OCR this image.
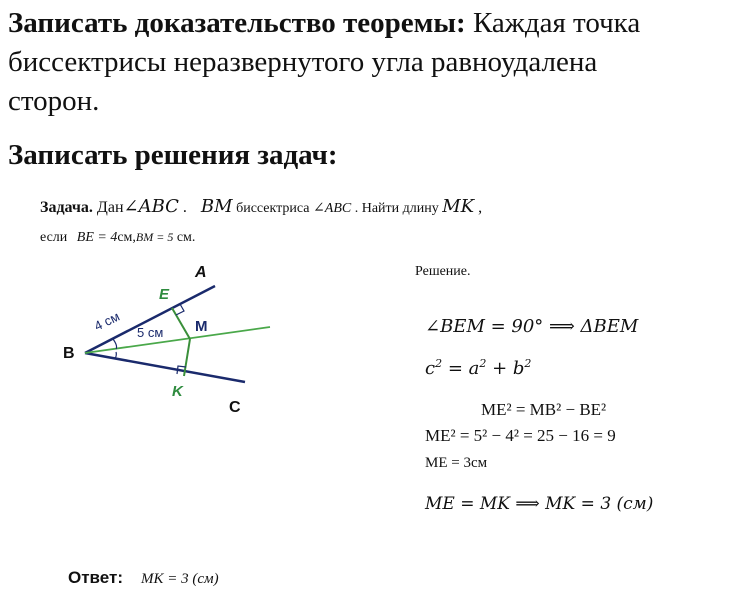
Записать доказательство теоремы: Каждая точка
биссектрисы неразвернутого угла равноудалена
сторон.
Записать решения задач:
Задача. Дан∠ABC . BM биссектриса ∠ABC . Найти длину MK ,
если BE = 4см,BM = 5 см.
A
B
C
E
M
K
4 см 5 см
Решение.
∠BEM = 90° ⟹ ΔBEM
$c^2 = a^2 + b^2$
ME² = MB² − BE²
ME² = 5² − 4² = 25 − 16 = 9
ME = 3см
ME = MK ⟹ MK = 3 (см)
Ответ: MK = 3 (см)
